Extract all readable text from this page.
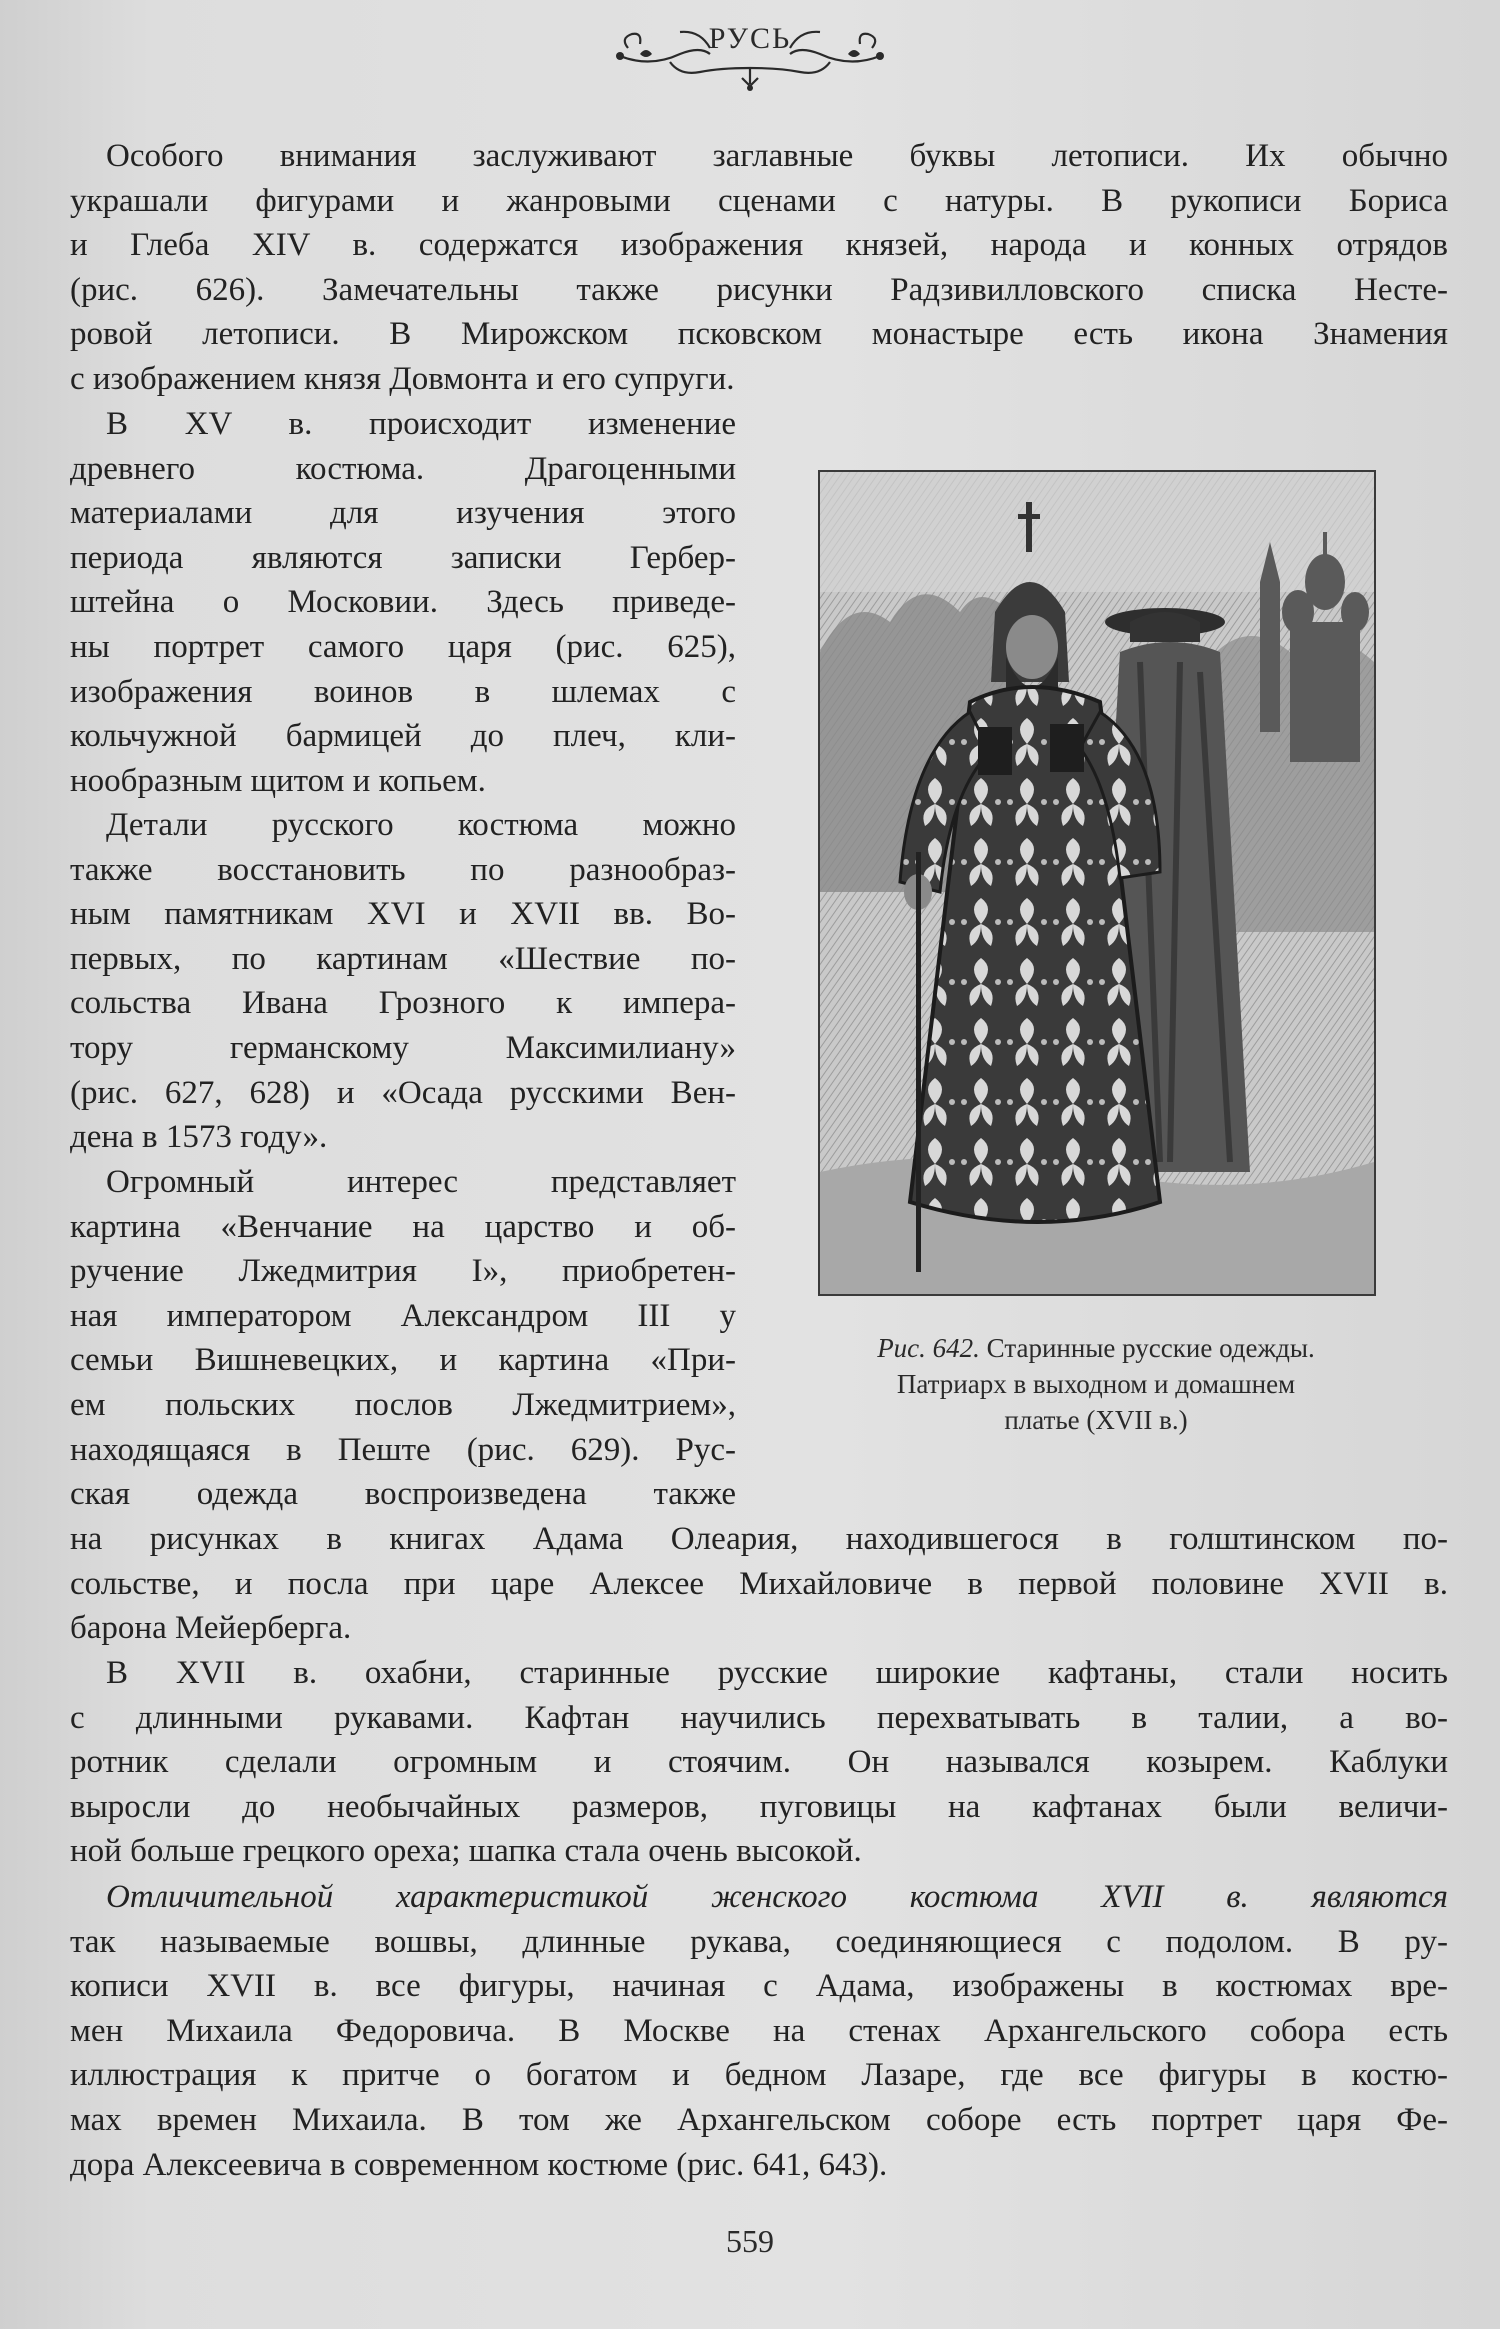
РУСЬ
Особого внимания заслуживают заглавные буквы летописи. Их обычно
украшали фигурами и жанровыми сценами с натуры. В рукописи Бориса
и Глеба XIV в. содержатся изображения князей, народа и конных отрядов
(рис. 626). Замечательны также рисунки Радзивилловского списка Несте-
ровой летописи. В Мирожском псковском монастыре есть икона Знамения
с изображением князя Довмонта и его супруги.
В XV в. происходит изменение
древнего костюма. Драгоценными
материалами для изучения этого
периода являются записки Гербер-
штейна о Московии. Здесь приведе-
ны портрет самого царя (рис. 625),
изображения воинов в шлемах с
кольчужной бармицей до плеч, кли-
нообразным щитом и копьем.
Детали русского костюма можно
также восстановить по разнообраз-
ным памятникам XVI и XVII вв. Во-
первых, по картинам «Шествие по-
сольства Ивана Грозного к импера-
тору германскому Максимилиану»
(рис. 627, 628) и «Осада русскими Вен-
дена в 1573 году».
Огромный интерес представляет
картина «Венчание на царство и об-
ручение Лжедмитрия I», приобретен-
ная императором Александром III у
семьи Вишневецких, и картина «При-
ем польских послов Лжедмитрием»,
находящаяся в Пеште (рис. 629). Рус-
ская одежда воспроизведена также
на рисунках в книгах Адама Олеария, находившегося в голштинском по-
сольстве, и посла при царе Алексее Михайловиче в первой половине XVII в.
барона Мейерберга.
В XVII в. охабни, старинные русские широкие кафтаны, стали носить
с длинными рукавами. Кафтан научились перехватывать в талии, а во-
ротник сделали огромным и стоячим. Он назывался козырем. Каблуки
выросли до необычайных размеров, пуговицы на кафтанах были величи-
ной больше грецкого ореха; шапка стала очень высокой.
Отличительной характеристикой женского костюма XVII в. являются
так называемые вошвы, длинные рукава, соединяющиеся с подолом. В ру-
кописи XVII в. все фигуры, начиная с Адама, изображены в костюмах вре-
мен Михаила Федоровича. В Москве на стенах Архангельского собора есть
иллюстрация к притче о богатом и бедном Лазаре, где все фигуры в костю-
мах времен Михаила. В том же Архангельском соборе есть портрет царя Фе-
дора Алексеевича в современном костюме (рис. 641, 643).
Рис. 642. Старинные русские одежды.
Патриарх в выходном и домашнем
платье (XVII в.)
559
